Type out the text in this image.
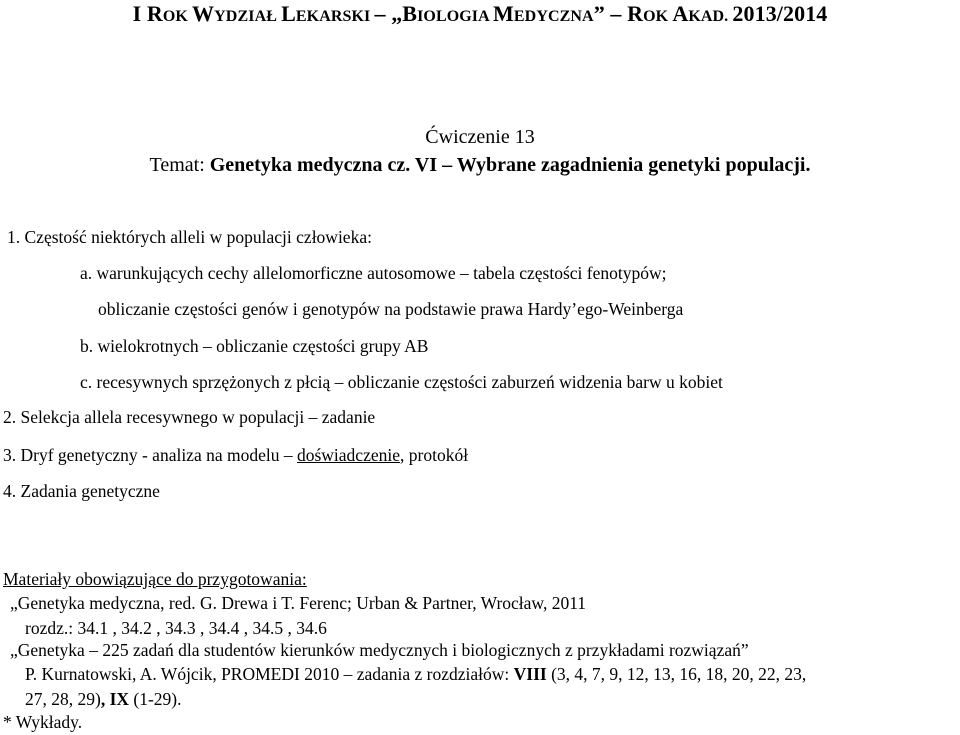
I ROK WYDZIAŁ LEKARSKI – „BIOLOGIA MEDYCZNA” – ROK AKAD. 2013/2014
Ćwiczenie 13
Temat: Genetyka medyczna cz. VI – Wybrane zagadnienia genetyki populacji.
1. Częstość niektórych alleli w populacji człowieka:
a. warunkujących cechy allelomorficzne autosomowe – tabela częstości fenotypów;
obliczanie częstości genów i genotypów na podstawie prawa Hardy’ego-Weinberga
b. wielokrotnych – obliczanie częstości grupy AB
c. recesywnych sprzężonych z płcią – obliczanie częstości zaburzeń widzenia barw u kobiet
2. Selekcja allela recesywnego w populacji – zadanie
3. Dryf genetyczny - analiza na modelu – doświadczenie, protokół
4. Zadania genetyczne
Materiały obowiązujące do przygotowania:
„Genetyka medyczna, red. G. Drewa i T. Ferenc; Urban & Partner, Wrocław, 2011
rozdz.: 34.1 , 34.2 , 34.3 , 34.4 , 34.5 , 34.6
„Genetyka – 225 zadań dla studentów kierunków medycznych i biologicznych z przykładami rozwiązań”
P. Kurnatowski, A. Wójcik, PROMEDI 2010 – zadania z rozdziałów: VIII (3, 4, 7, 9, 12, 13, 16, 18, 20, 22, 23,
27, 28, 29), IX (1-29).
* Wykłady.
